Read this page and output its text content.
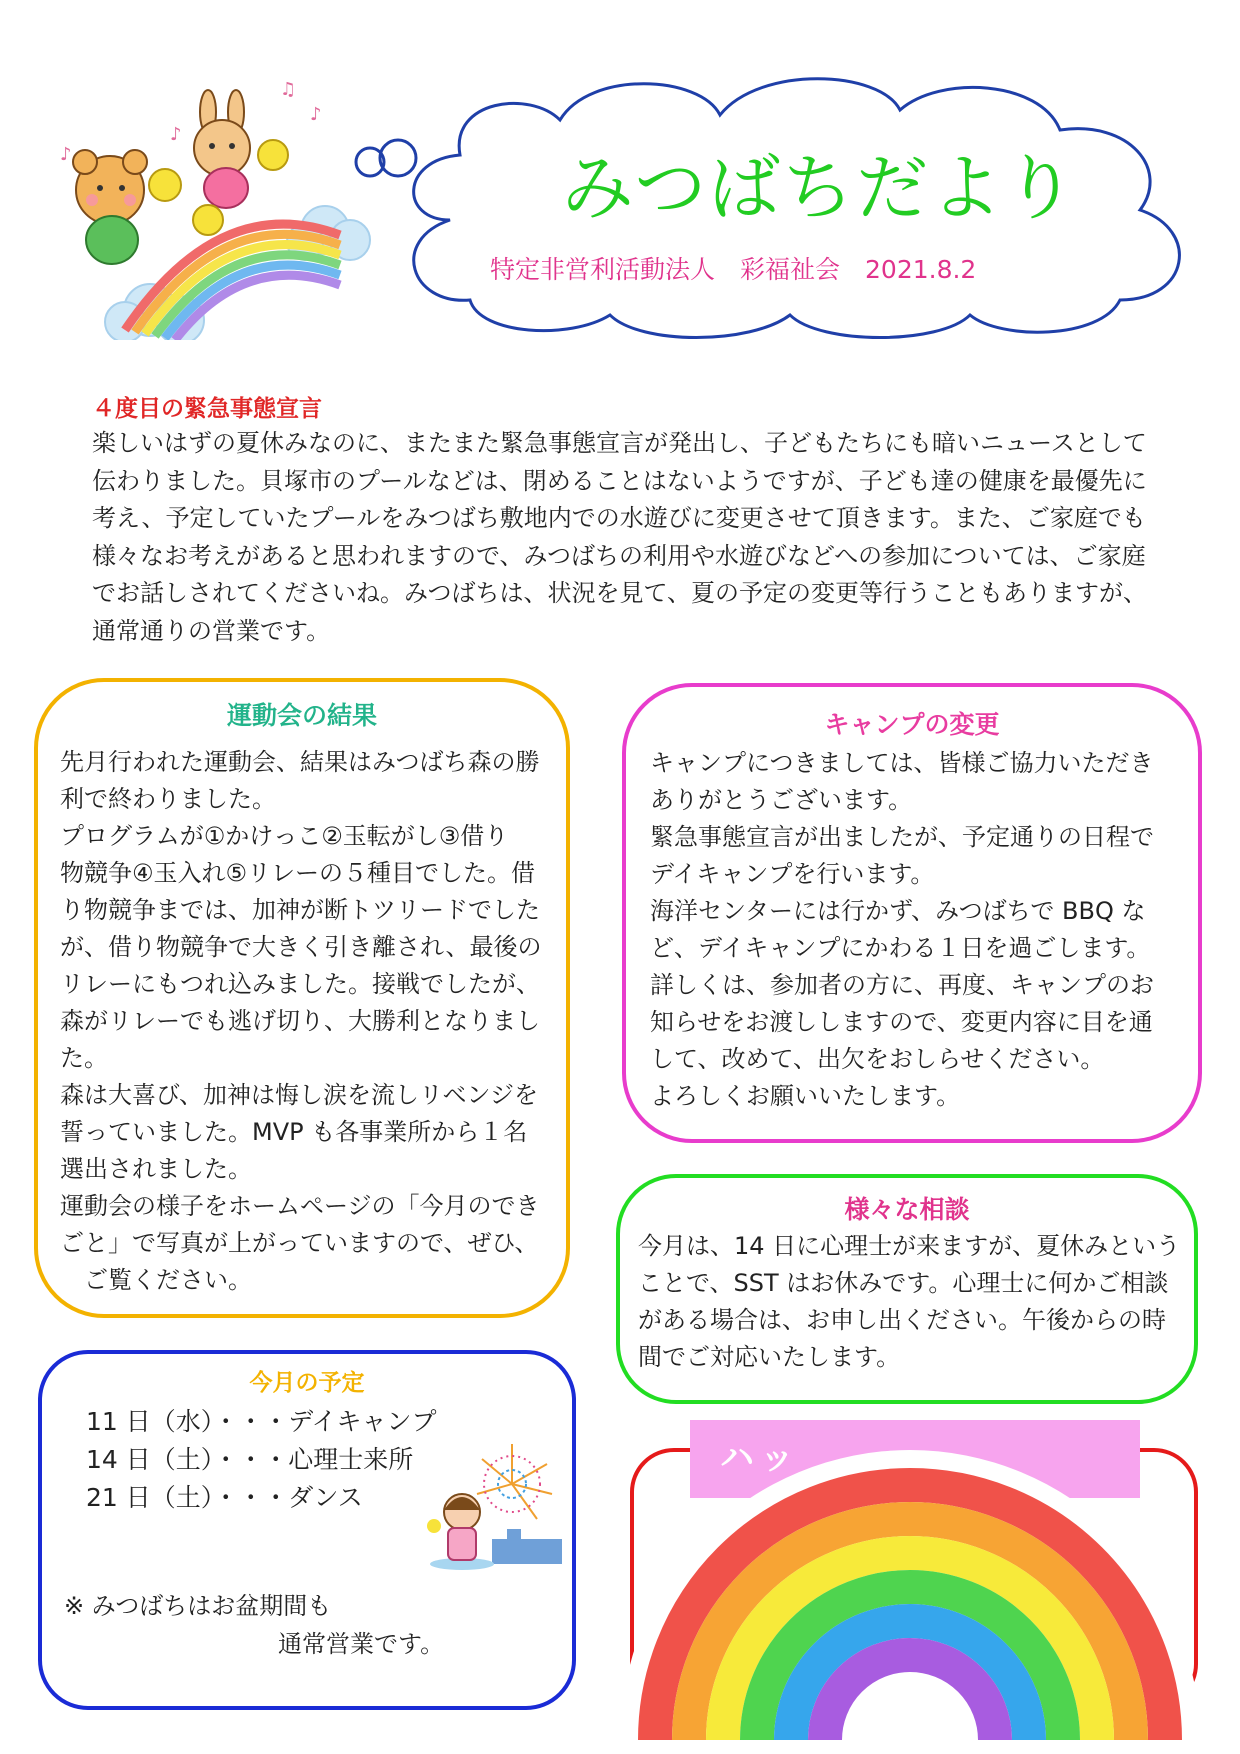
♪
♪
♫
♪
みつばちだより
特定非営利活動法人　彩福祉会　2021.8.2
４度目の緊急事態宣言

楽しいはずの夏休みなのに、またまた緊急事態宣言が発出し、子どもたちにも暗いニュースとして

伝わりました。貝塚市のプールなどは、閉めることはないようですが、子ども達の健康を最優先に

考え、予定していたプールをみつばち敷地内での水遊びに変更させて頂きます。また、ご家庭でも

様々なお考えがあると思われますので、みつばちの利用や水遊びなどへの参加については、ご家庭

でお話しされてくださいね。みつばちは、状況を見て、夏の予定の変更等行うこともありますが、

通常通りの営業です。

運動会の結果

先月行われた運動会、結果はみつばち森の勝

利で終わりました。

プログラムが①かけっこ②玉転がし③借り

物競争④玉入れ⑤リレーの５種目でした。借

り物競争までは、加神が断トツリードでした

が、借り物競争で大きく引き離され、最後の

リレーにもつれ込みました。接戦でしたが、

森がリレーでも逃げ切り、大勝利となりまし

た。

森は大喜び、加神は悔し涙を流しリベンジを

誓っていました。MVP も各事業所から１名

選出されました。

運動会の様子をホームページの「今月のでき

ごと」で写真が上がっていますので、ぜひ、

　ご覧ください。

キャンプの変更

キャンプにつきましては、皆様ご協力いただき

ありがとうございます。

緊急事態宣言が出ましたが、予定通りの日程で

デイキャンプを行います。

海洋センターには行かず、みつばちで BBQ な

ど、デイキャンプにかわる１日を過ごします。

詳しくは、参加者の方に、再度、キャンプのお

知らせをお渡ししますので、変更内容に目を通

して、改めて、出欠をおしらせください。

よろしくお願いいたします。

様々な相談

今月は、14 日に心理士が来ますが、夏休みという

ことで、SST はお休みです。心理士に何かご相談

がある場合は、お申し出ください。午後からの時

間でご対応いたします。

今月の予定
11 日（水）・・・デイキャンプ
14 日（土）・・・心理士来所
21 日（土）・・・ダンス
※ みつばちはお盆期間も
通常営業です。
ハッ
